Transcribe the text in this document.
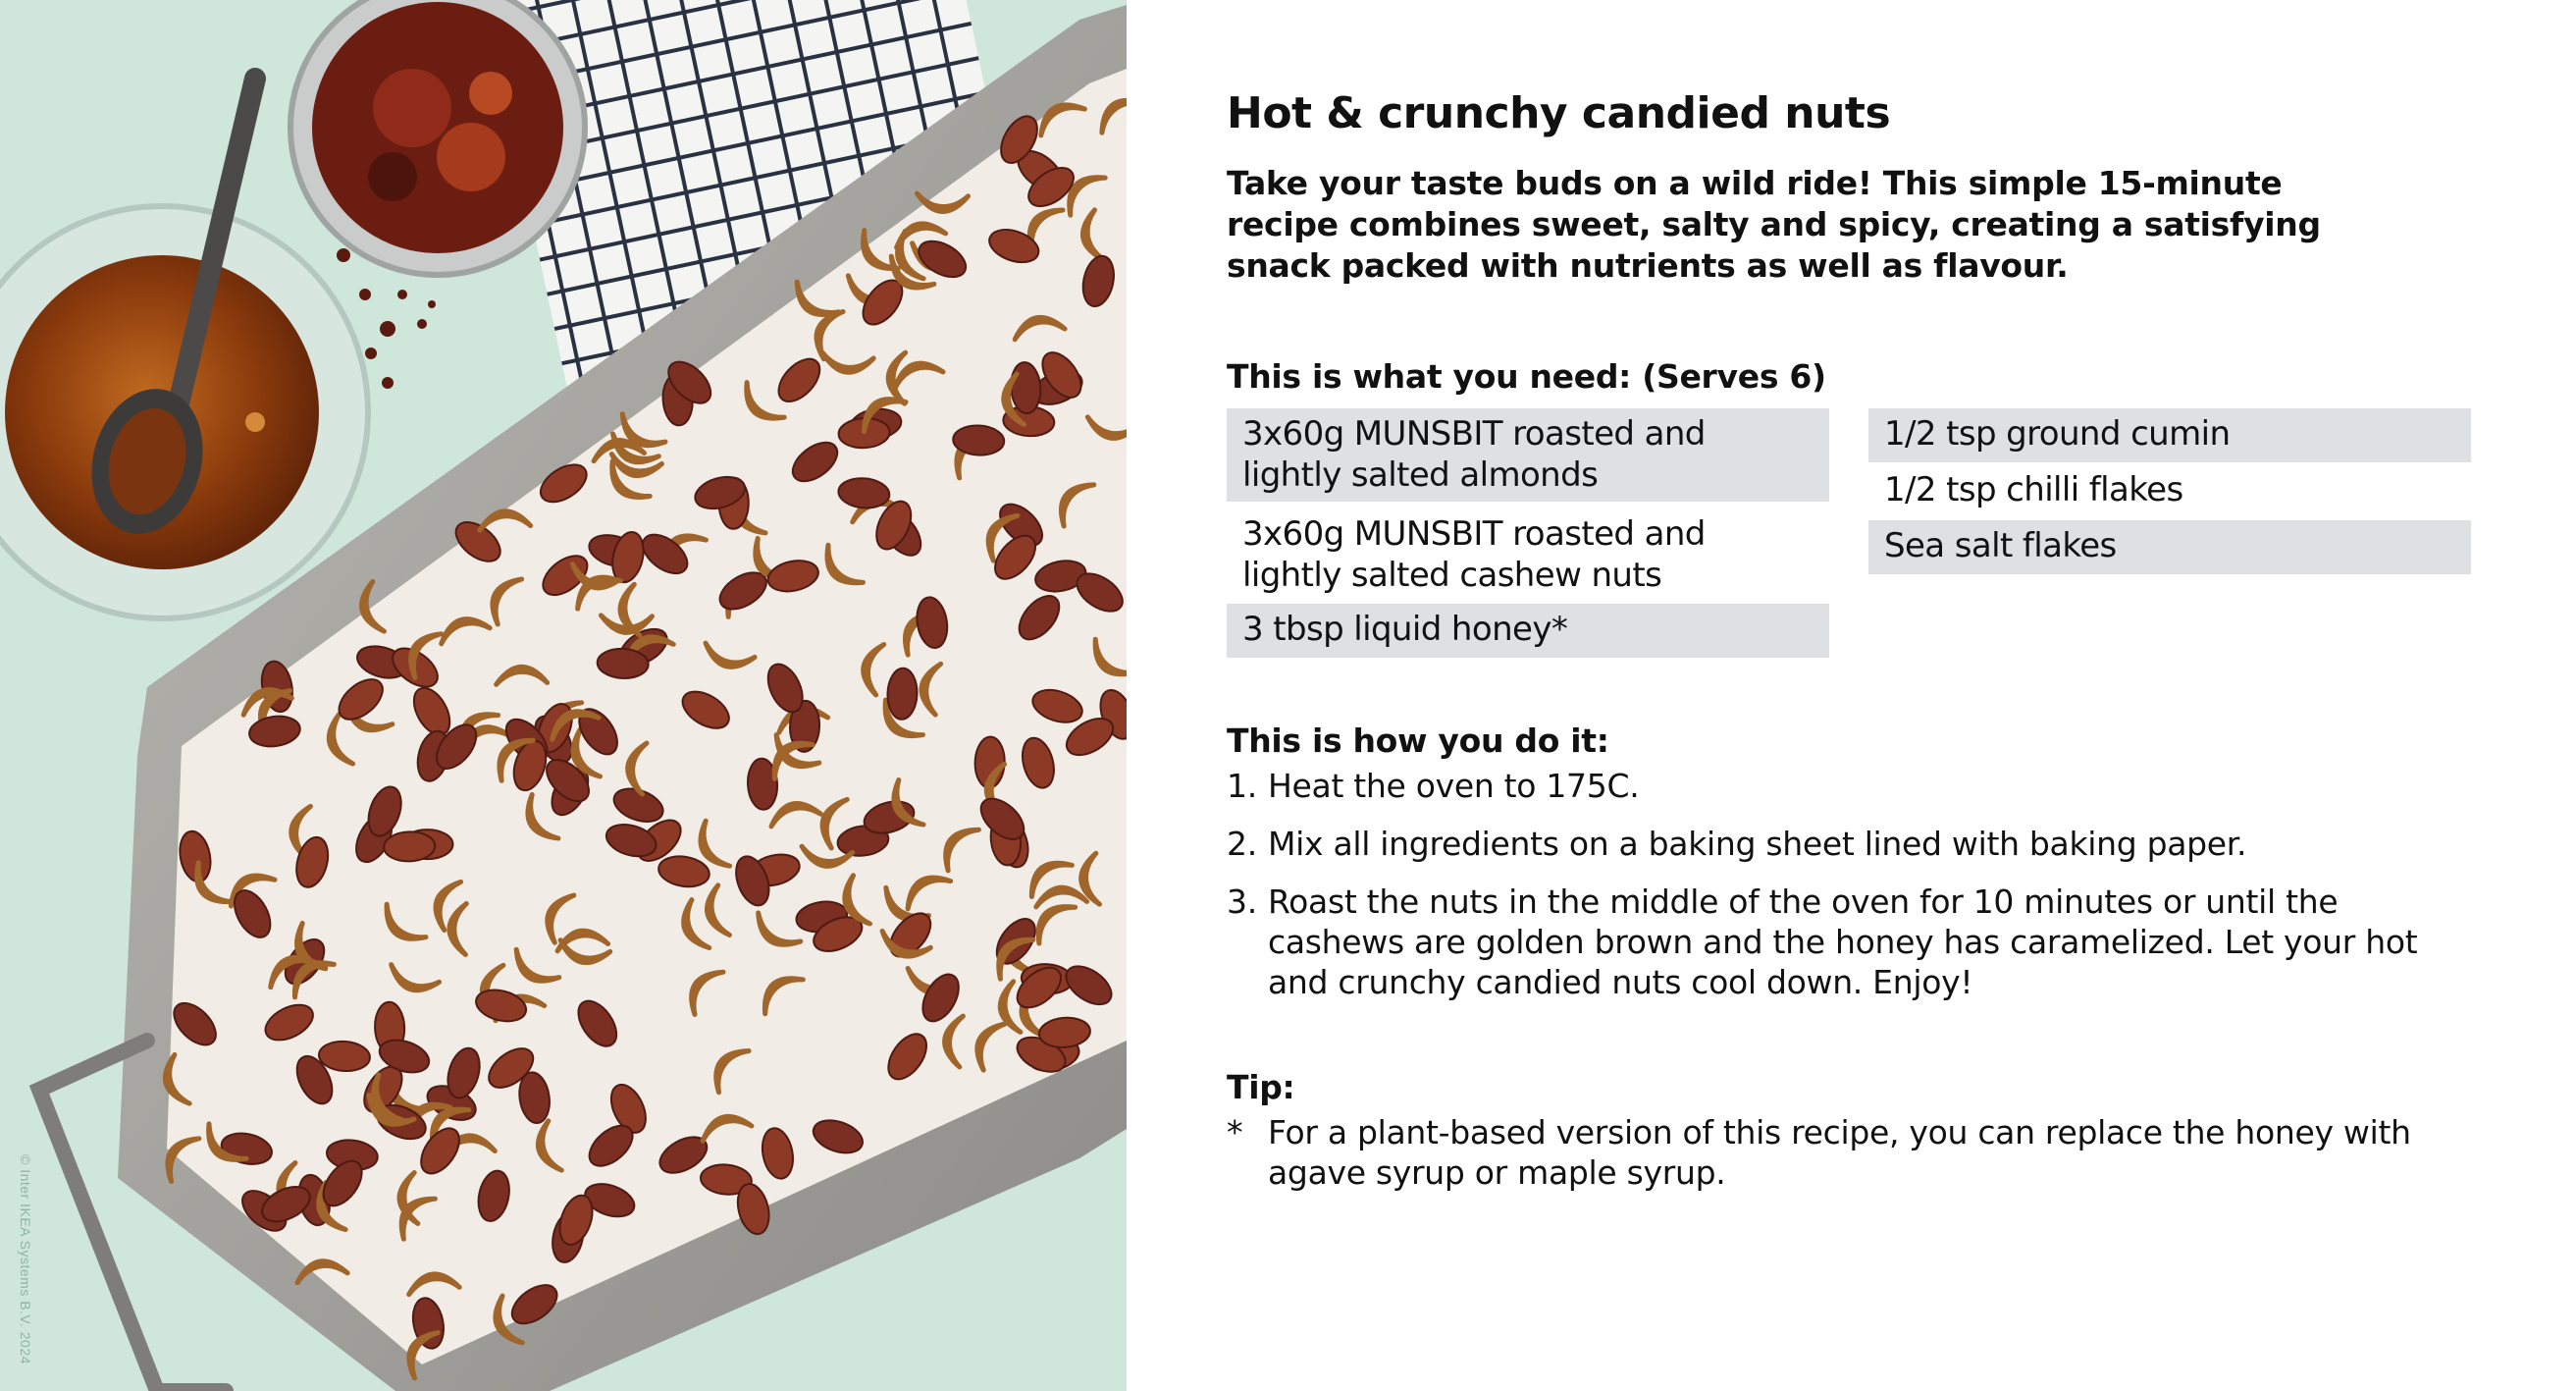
© Inter IKEA Systems B.V. 2024
Hot & crunchy candied nuts
Take your taste buds on a wild ride! This simple 15-minute recipe combines sweet, salty and spicy, creating a satisfying snack packed with nutrients as well as flavour.
This is what you need: (Serves 6)
3x60g MUNSBIT roasted and lightly salted almonds
3x60g MUNSBIT roasted and lightly salted cashew nuts
3 tbsp liquid honey*
1/2 tsp ground cumin
1/2 tsp chilli flakes
Sea salt flakes
This is how you do it:
1. Heat the oven to 175C.
2. Mix all ingredients on a baking sheet lined with baking paper.
3. Roast the nuts in the middle of the oven for 10 minutes or until the cashews are golden brown and the honey has caramelized. Let your hot and crunchy candied nuts cool down. Enjoy!
Tip:
* For a plant-based version of this recipe, you can replace the honey with agave syrup or maple syrup.
